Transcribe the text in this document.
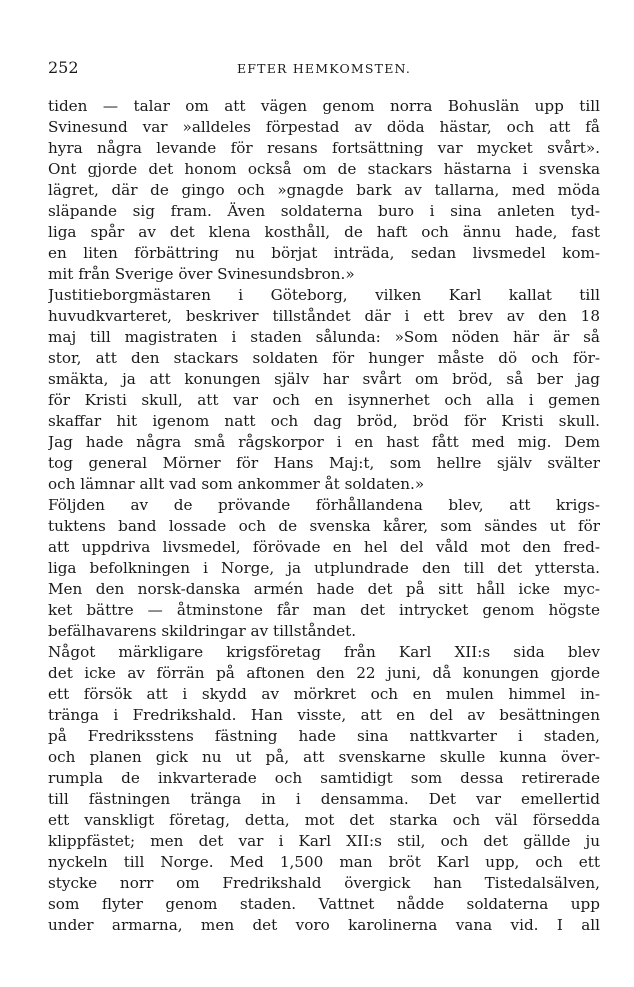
252	EFTER HEMKOMSTEN.
tiden — talar om att vägen genom norra Bohuslän upp till
Svinesund var »alldeles förpestad av döda hästar, och att få
hyra några levande för resans fortsättning var mycket svårt».
Ont gjorde det honom också om de stackars hästarna i svenska
lägret, där de gingo och »gnagde bark av tallarna, med möda
släpande sig fram. Även soldaterna buro i sina anleten tyd-
liga spår av det klena kosthåll, de haft och ännu hade, fast
en liten förbättring nu börjat inträda, sedan livsmedel kom-
mit från Sverige över Svinesundsbron.»
Justitieborgmästaren i Göteborg, vilken Karl kallat till
huvudkvarteret, beskriver tillståndet där i ett brev av den 18
maj till magistraten i staden sålunda: »Som nöden här är så
stor, att den stackars soldaten för hunger måste dö och för-
smäkta, ja att konungen själv har svårt om bröd, så ber jag
för Kristi skull, att var och en isynnerhet och alla i gemen
skaffar hit igenom natt och dag bröd, bröd för Kristi skull.
Jag hade några små rågskorpor i en hast fått med mig. Dem
tog general Mörner för Hans Maj:t, som hellre själv svälter
och lämnar allt vad som ankommer åt soldaten.»
Följden av de prövande förhållandena blev, att krigs-
tuktens band lossade och de svenska kårer, som sändes ut för
att uppdriva livsmedel, förövade en hel del våld mot den fred-
liga befolkningen i Norge, ja utplundrade den till det yttersta.
Men den norsk-danska armén hade det på sitt håll icke myc-
ket bättre — åtminstone får man det intrycket genom högste
befälhavarens skildringar av tillståndet.
Något märkligare krigsföretag från Karl XII:s sida blev
det icke av förrän på aftonen den 22 juni, då konungen gjorde
ett försök att i skydd av mörkret och en mulen himmel in-
tränga i Fredrikshald. Han visste, att en del av besättningen
på Fredriksstens fästning hade sina nattkvarter i staden,
och planen gick nu ut på, att svenskarne skulle kunna över-
rumpla de inkvarterade och samtidigt som dessa retirerade
till fästningen tränga in i densamma. Det var emellertid
ett vanskligt företag, detta, mot det starka och väl försedda
klippfästet; men det var i Karl XII:s stil, och det gällde ju
nyckeln till Norge. Med 1,500 man bröt Karl upp, och ett
stycke norr om Fredrikshald övergick han Tistedalsälven,
som flyter genom staden. Vattnet nådde soldaterna upp
under armarna, men det voro karolinerna vana vid. I all
